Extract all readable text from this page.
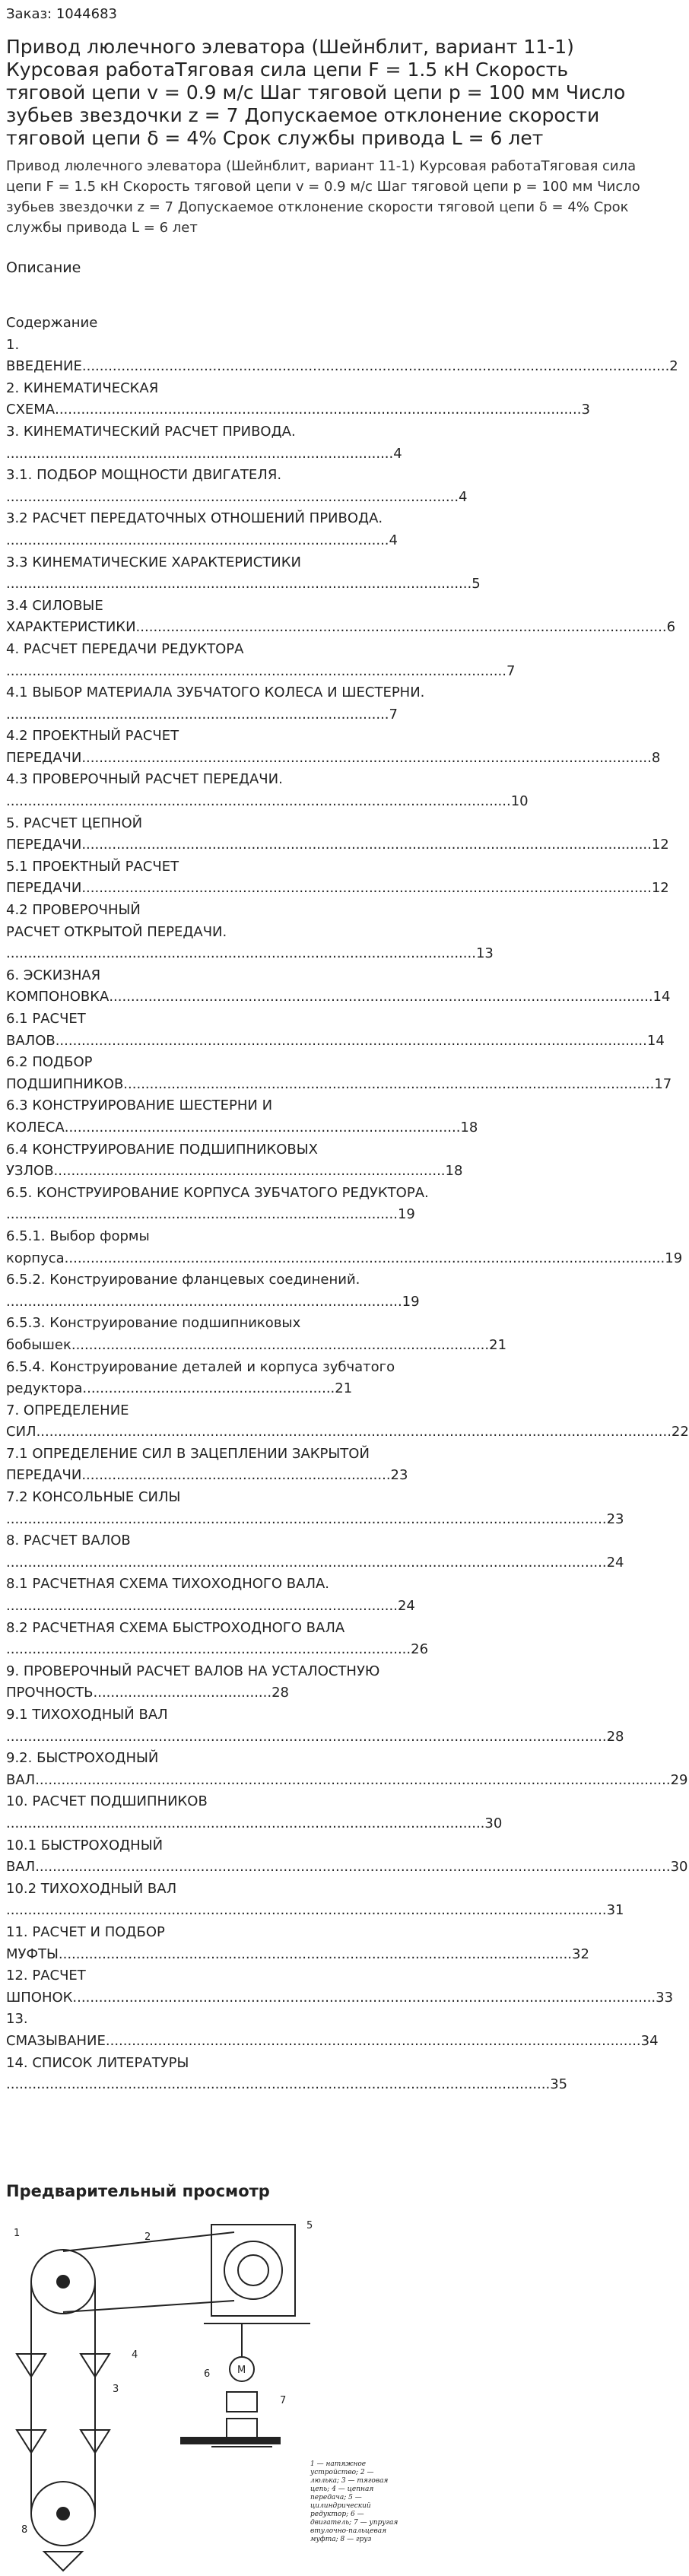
Заказ: 1044683
Привод люлечного элеватора (Шейнблит, вариант 11-1) Курсовая работаТяговая сила цепи F = 1.5 кН Скорость тяговой цепи v = 0.9 м/с Шаг тяговой цепи p = 100 мм Число зубьев звездочки z = 7 Допускаемое отклонение скорости тяговой цепи δ = 4% Срок службы привода L = 6 лет

Привод люлечного элеватора (Шейнблит, вариант 11-1) Курсовая работаТяговая сила цепи F = 1.5 кН Скорость тяговой цепи v = 0.9 м/с Шаг тяговой цепи p = 100 мм Число зубьев звездочки z = 7 Допускаемое отклонение скорости тяговой цепи δ = 4% Срок службы привода L = 6 лет

Описание
Содержание
1.
ВВЕДЕНИЕ.......................................................................................................................................2
2. КИНЕМАТИЧЕСКАЯ
СХЕМА.........................................................................................................................3
3. КИНЕМАТИЧЕСКИЙ РАСЧЕТ ПРИВОДА.
.........................................................................................4
3.1. ПОДБОР МОЩНОСТИ ДВИГАТЕЛЯ.
........................................................................................................4
3.2 РАСЧЕТ ПЕРЕДАТОЧНЫХ ОТНОШЕНИЙ ПРИВОДА.
........................................................................................4
3.3 КИНЕМАТИЧЕСКИЕ ХАРАКТЕРИСТИКИ
...........................................................................................................5
3.4 СИЛОВЫЕ
ХАРАКТЕРИСТИКИ..........................................................................................................................6
4. РАСЧЕТ ПЕРЕДАЧИ РЕДУКТОРА
...................................................................................................................7
4.1 ВЫБОР МАТЕРИАЛА ЗУБЧАТОГО КОЛЕСА И ШЕСТЕРНИ.
........................................................................................7
4.2 ПРОЕКТНЫЙ РАСЧЕТ
ПЕРЕДАЧИ...................................................................................................................................8
4.3 ПРОВЕРОЧНЫЙ РАСЧЕТ ПЕРЕДАЧИ.
....................................................................................................................10
5. РАСЧЕТ ЦЕПНОЙ
ПЕРЕДАЧИ...................................................................................................................................12
5.1 ПРОЕКТНЫЙ РАСЧЕТ
ПЕРЕДАЧИ...................................................................................................................................12
4.2 ПРОВЕРОЧНЫЙ
РАСЧЕТ ОТКРЫТОЙ ПЕРЕДАЧИ.
............................................................................................................13
6. ЭСКИЗНАЯ
КОМПОНОВКА.............................................................................................................................14
6.1 РАСЧЕТ
ВАЛОВ........................................................................................................................................14
6.2 ПОДБОР
ПОДШИПНИКОВ..........................................................................................................................17
6.3 КОНСТРУИРОВАНИЕ ШЕСТЕРНИ И
КОЛЕСА...........................................................................................18
6.4 КОНСТРУИРОВАНИЕ ПОДШИПНИКОВЫХ
УЗЛОВ..........................................................................................18
6.5. КОНСТРУИРОВАНИЕ КОРПУСА ЗУБЧАТОГО РЕДУКТОРА.
..........................................................................................19
6.5.1. Выбор формы
корпуса..........................................................................................................................................19
6.5.2. Конструирование фланцевых соединений.
...........................................................................................19
6.5.3. Конструирование подшипниковых
бобышек................................................................................................21
6.5.4. Конструирование деталей и корпуса зубчатого
редуктора..........................................................21
7. ОПРЕДЕЛЕНИЕ
СИЛ..................................................................................................................................................22
7.1 ОПРЕДЕЛЕНИЕ СИЛ В ЗАЦЕПЛЕНИИ ЗАКРЫТОЙ
ПЕРЕДАЧИ.......................................................................23
7.2 КОНСОЛЬНЫЕ СИЛЫ
..........................................................................................................................................23
8. РАСЧЕТ ВАЛОВ
..........................................................................................................................................24
8.1 РАСЧЕТНАЯ СХЕМА ТИХОХОДНОГО ВАЛА.
..........................................................................................24
8.2 РАСЧЕТНАЯ СХЕМА БЫСТРОХОДНОГО ВАЛА
.............................................................................................26
9. ПРОВЕРОЧНЫЙ РАСЧЕТ ВАЛОВ НА УСТАЛОСТНУЮ
ПРОЧНОСТЬ.........................................28
9.1 ТИХОХОДНЫЙ ВАЛ
..........................................................................................................................................28
9.2. БЫСТРОХОДНЫЙ
ВАЛ..................................................................................................................................................29
10. РАСЧЕТ ПОДШИПНИКОВ
..............................................................................................................30
10.1 БЫСТРОХОДНЫЙ
ВАЛ..................................................................................................................................................30
10.2 ТИХОХОДНЫЙ ВАЛ
..........................................................................................................................................31
11. РАСЧЕТ И ПОДБОР
МУФТЫ......................................................................................................................32
12. РАСЧЕТ
ШПОНОК......................................................................................................................................33
13.
СМАЗЫВАНИЕ...........................................................................................................................34
14. СПИСОК ЛИТЕРАТУРЫ
.............................................................................................................................35
Предварительный просмотр
1	2
5
6
7
3
4
8
M
1 — натяжное устройство; 2 — люлька; 3 — тяговая цепь; 4 — цепная передача; 5 — цилиндрический редуктор; 6 — двигатель; 7 — упругая втулочно-пальцевая муфта; 8 — груз
